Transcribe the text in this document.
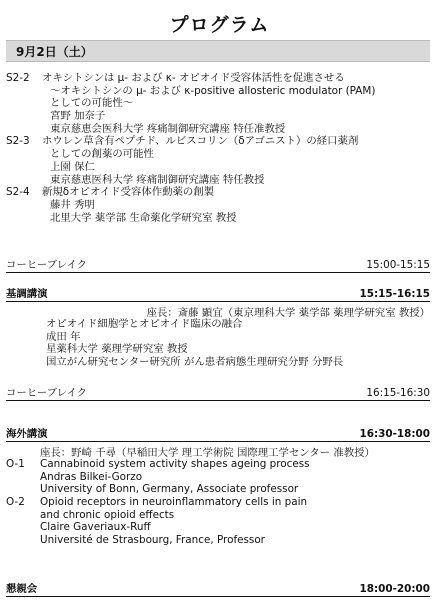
プログラム
9月2日（土）
S2-2	オキシトシンは μ- および κ- オピオイド受容体活性を促進させる
～オキシトシンの μ- および κ-positive allosteric modulator (PAM)
としての可能性～
宮野 加奈子
東京慈恵会医科大学 疼痛制御研究講座 特任准教授
S2-3	ホウレン草含有ペプチド、ルビスコリン（δアゴニスト）の経口薬剤
としての創薬の可能性
上園 保仁
東京慈恵医科大学 疼痛制御研究講座 特任教授
S2-4	新規δオピオイド受容体作動薬の創製
藤井 秀明
北里大学 薬学部 生命薬化学研究室 教授
コーヒーブレイク	15:00-15:15
基調講演	15:15-16:15
座長：斎藤 顕宜（東京理科大学 薬学部 薬理学研究室 教授）
オピオイド細胞学とオピオイド臨床の融合
成田 年
星薬科大学 薬理学研究室 教授
国立がん研究センター研究所 がん患者病態生理研究分野 分野長
コーヒーブレイク	16:15-16:30
海外講演	16:30-18:00
座長：野崎 千尋（早稲田大学 理工学術院 国際理工学センター 准教授）
O-1	Cannabinoid system activity shapes ageing process
Andras Bilkei-Gorzo
University of Bonn, Germany, Associate professor
O-2	Opioid receptors in neuroinflammatory cells in pain
and chronic opioid effects
Claire Gaveriaux-Ruff
Université de Strasbourg, France, Professor
懇親会	18:00-20:00
